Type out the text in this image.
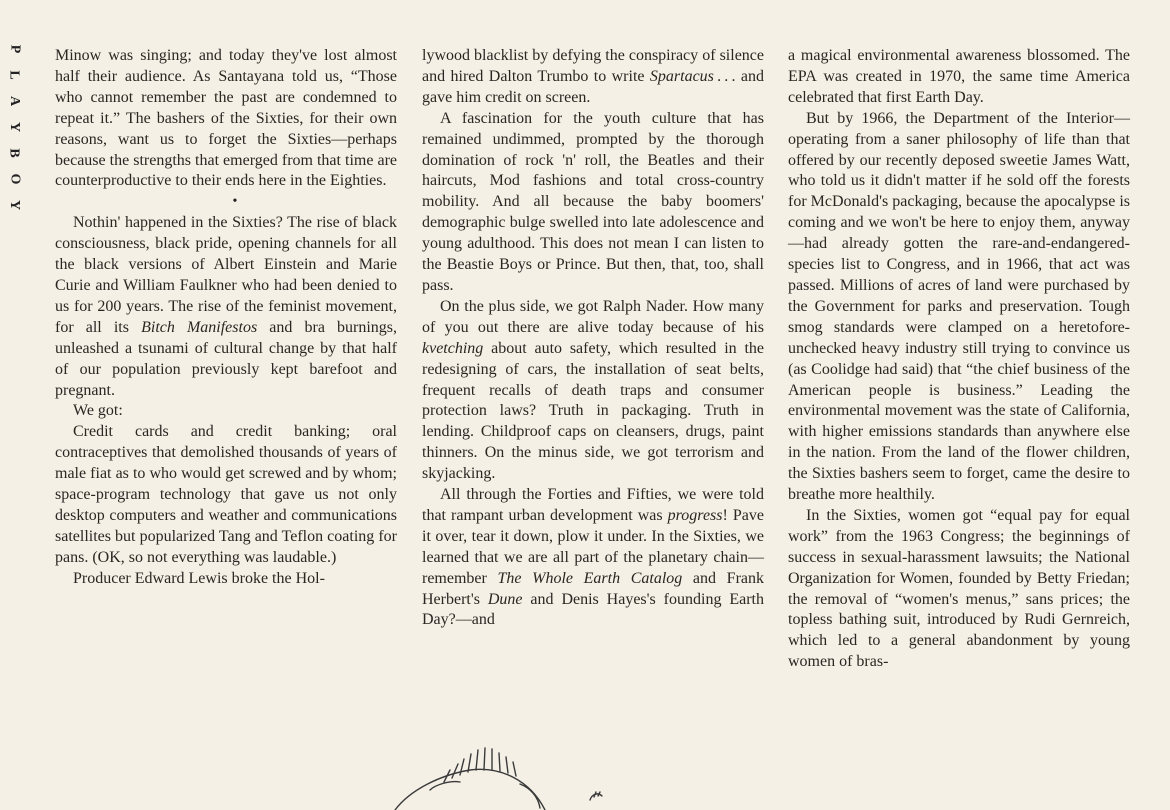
P
L
A
Y
B
O
Y

Minow was singing; and today they've lost almost half their audience. As Santayana told us, “Those who cannot remember the past are condemned to repeat it.” The bashers of the Sixties, for their own reasons, want us to forget the Sixties—perhaps because the strengths that emerged from that time are counterproductive to their ends here in the Eighties.

•

Nothin' happened in the Sixties? The rise of black consciousness, black pride, opening channels for all the black versions of Albert Einstein and Marie Curie and William Faulkner who had been denied to us for 200 years. The rise of the feminist movement, for all its Bitch Manifestos and bra burnings, unleashed a tsunami of cultural change by that half of our population previously kept barefoot and pregnant.

We got:

Credit cards and credit banking; oral contraceptives that demolished thousands of years of male fiat as to who would get screwed and by whom; space-program technology that gave us not only desktop computers and weather and communications satellites but popularized Tang and Teflon coating for pans. (OK, so not everything was laudable.)

Producer Edward Lewis broke the Hol-

lywood blacklist by defying the conspiracy of silence and hired Dalton Trumbo to write Spartacus . . . and gave him credit on screen.

A fascination for the youth culture that has remained undimmed, prompted by the thorough domination of rock 'n' roll, the Beatles and their haircuts, Mod fashions and total cross-country mobility. And all because the baby boomers' demographic bulge swelled into late adolescence and young adulthood. This does not mean I can listen to the Beastie Boys or Prince. But then, that, too, shall pass.

On the plus side, we got Ralph Nader. How many of you out there are alive today because of his kvetching about auto safety, which resulted in the redesigning of cars, the installation of seat belts, frequent recalls of death traps and consumer protection laws? Truth in packaging. Truth in lending. Childproof caps on cleansers, drugs, paint thinners. On the minus side, we got terrorism and skyjacking.

All through the Forties and Fifties, we were told that rampant urban development was progress! Pave it over, tear it down, plow it under. In the Sixties, we learned that we are all part of the planetary chain—remember The Whole Earth Catalog and Frank Herbert's Dune and Denis Hayes's founding Earth Day?—and

a magical environmental awareness blossomed. The EPA was created in 1970, the same time America celebrated that first Earth Day.

But by 1966, the Department of the Interior—operating from a saner philosophy of life than that offered by our recently deposed sweetie James Watt, who told us it didn't matter if he sold off the forests for McDonald's packaging, because the apocalypse is coming and we won't be here to enjoy them, anyway—had already gotten the rare-and-endangered-species list to Congress, and in 1966, that act was passed. Millions of acres of land were purchased by the Government for parks and preservation. Tough smog standards were clamped on a heretofore-unchecked heavy industry still trying to convince us (as Coolidge had said) that “the chief business of the American people is business.” Leading the environmental movement was the state of California, with higher emissions standards than anywhere else in the nation. From the land of the flower children, the Sixties bashers seem to forget, came the desire to breathe more healthily.

In the Sixties, women got “equal pay for equal work” from the 1963 Congress; the beginnings of success in sexual-harassment lawsuits; the National Organization for Women, founded by Betty Friedan; the removal of “women's menus,” sans prices; the topless bathing suit, introduced by Rudi Gernreich, which led to a general abandonment by young women of bras-
